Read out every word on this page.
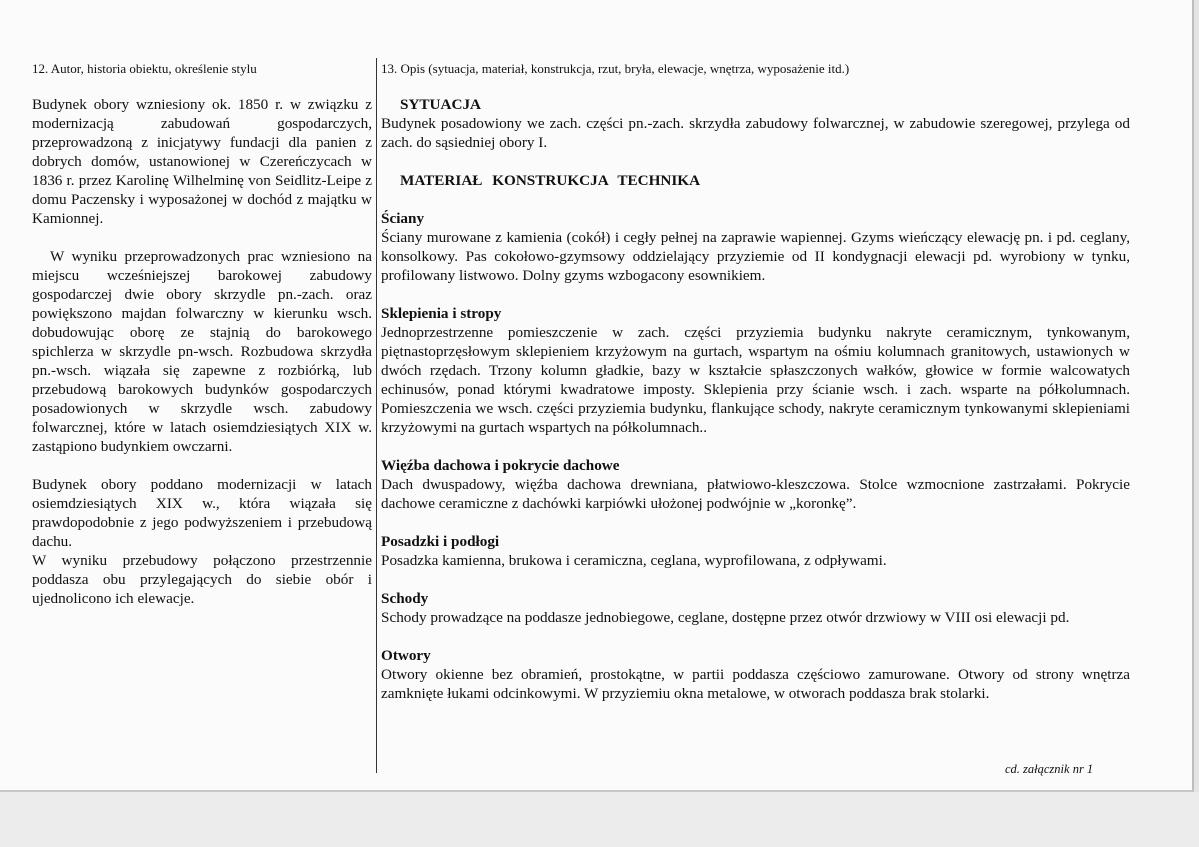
12. Autor, historia obiektu, określenie stylu

Budynek obory wzniesiony ok. 1850 r. w związku z modernizacją zabudowań gospodarczych, przeprowadzoną z inicjatywy fundacji dla panien z dobrych domów, ustanowionej w Czereńczycach w 1836 r. przez Karolinę Wilhelminę von Seidlitz-Leipe z domu Paczensky i wyposażonej w dochód z majątku w Kamionnej.

W wyniku przeprowadzonych prac wzniesiono na miejscu wcześniejszej barokowej zabudowy gospodarczej dwie obory skrzydle pn.-zach. oraz powiększono majdan folwarczny w kierunku wsch. dobudowując oborę ze stajnią do barokowego spichlerza w skrzydle pn-wsch. Rozbudowa skrzydła pn.-wsch. wiązała się zapewne z rozbiórką, lub przebudową barokowych budynków gospodarczych posadowionych w skrzydle wsch. zabudowy folwarcznej, które w latach osiemdziesiątych XIX w. zastąpiono budynkiem owczarni.

Budynek obory poddano modernizacji w latach osiemdziesiątych XIX w., która wiązała się prawdopodobnie z jego podwyższeniem i przebudową dachu.

W wyniku przebudowy połączono przestrzennie poddasza obu przylegających do siebie obór i ujednolicono ich elewacje.

13. Opis (sytuacja, materiał, konstrukcja, rzut, bryła, elewacje, wnętrza, wyposażenie itd.)

SYTUACJA

Budynek posadowiony we zach. części pn.-zach. skrzydła zabudowy folwarcznej, w zabudowie szeregowej, przylega od zach. do sąsiedniej obory I.

MATERIAŁ KONSTRUKCJA TECHNIKA

Ściany

Ściany murowane z kamienia (cokół) i cegły pełnej na zaprawie wapiennej. Gzyms wieńczący elewację pn. i pd. ceglany, konsolkowy. Pas cokołowo-gzymsowy oddzielający przyziemie od II kondygnacji elewacji pd. wyrobiony w tynku, profilowany listwowo. Dolny gzyms wzbogacony esownikiem.

Sklepienia i stropy

Jednoprzestrzenne pomieszczenie w zach. części przyziemia budynku nakryte ceramicznym, tynkowanym, piętnastoprzęsłowym sklepieniem krzyżowym na gurtach, wspartym na ośmiu kolumnach granitowych, ustawionych w dwóch rzędach. Trzony kolumn gładkie, bazy w kształcie spłaszczonych wałków, głowice w formie walcowatych echinusów, ponad którymi kwadratowe imposty. Sklepienia przy ścianie wsch. i zach. wsparte na półkolumnach. Pomieszczenia we wsch. części przyziemia budynku, flankujące schody, nakryte ceramicznym tynkowanymi sklepieniami krzyżowymi na gurtach wspartych na półkolumnach..

Więźba dachowa i pokrycie dachowe

Dach dwuspadowy, więźba dachowa drewniana, płatwiowo-kleszczowa. Stolce wzmocnione zastrzałami. Pokrycie dachowe ceramiczne z dachówki karpiówki ułożonej podwójnie w „koronkę”.

Posadzki i podłogi

Posadzka kamienna, brukowa i ceramiczna, ceglana, wyprofilowana, z odpływami.

Schody

Schody prowadzące na poddasze jednobiegowe, ceglane, dostępne przez otwór drzwiowy w VIII osi elewacji pd.

Otwory

Otwory okienne bez obramień, prostokątne, w partii poddasza częściowo zamurowane. Otwory od strony wnętrza zamknięte łukami odcinkowymi. W przyziemiu okna metalowe, w otworach poddasza brak stolarki.

cd. załącznik nr 1
